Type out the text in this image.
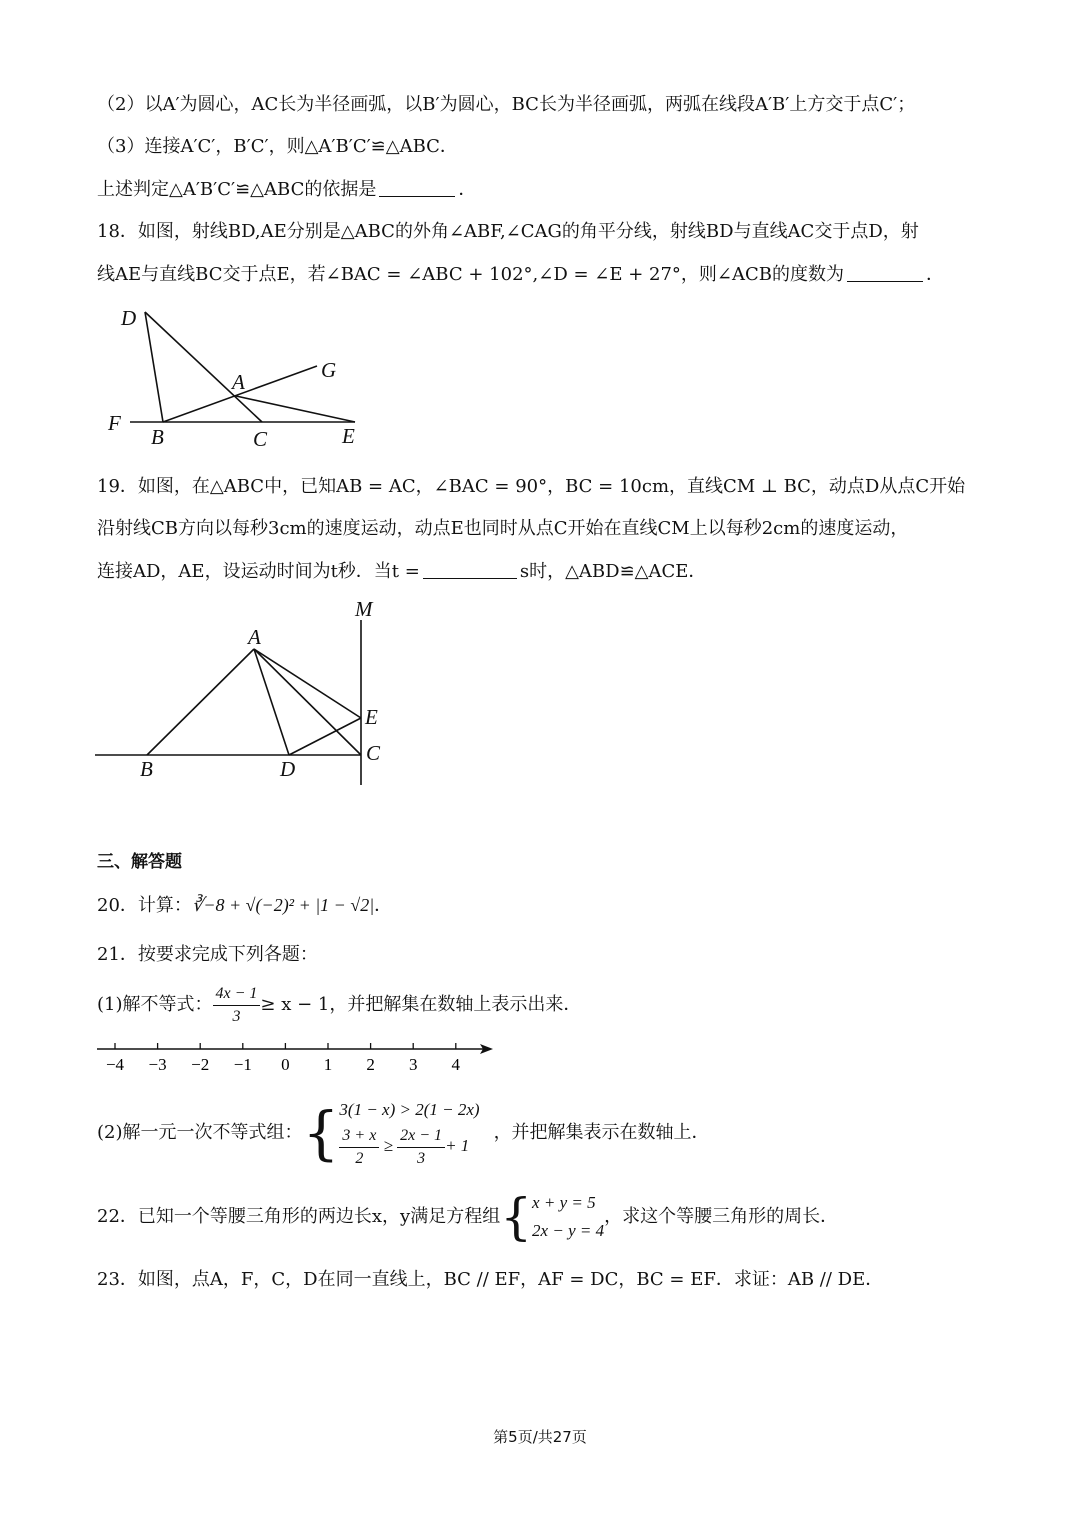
（2）以A′为圆心，AC长为半径画弧，以B′为圆心，BC长为半径画弧，两弧在线段A′B′上方交于点C′；
（3）连接A′C′，B′C′，则△A′B′C′≌△ABC．
上述判定△A′B′C′≌△ABC的依据是	．
18．如图，射线BD,AE分别是△ABC的外角∠ABF,∠CAG的角平分线，射线BD与直线AC交于点D，射
线AE与直线BC交于点E，若∠BAC = ∠ABC + 102°,∠D = ∠E + 27°，则∠ACB的度数为	．
D
A	G
F
B	C	E
19．如图，在△ABC中，已知AB = AC，∠BAC = 90°，BC = 10cm，直线CM ⊥ BC，动点D从点C开始
沿射线CB方向以每秒3cm的速度运动，动点E也同时从点C开始在直线CM上以每秒2cm的速度运动，
连接AD，AE，设运动时间为t秒．当t =	s时，△ABD≌△ACE．
M
A
E
C
B	D
三、解答题
20．计算：∛−8 + √(−2)² + |1 − √2|．
21．按要求完成下列各题：
(1)解不等式： $\frac{4x - 1}{3} \ge x - 1$，并把解集在数轴上表示出来．
−4 −3 −2 −1 0 1 2 3 4
(2)解一元一次不等式组：{ 3(1 − x) > 2(1 − 2x)
$\frac{3 + x}{2} \ge \frac{2x - 1}{3} + 1$
，并把解集表示在数轴上．
22．已知一个等腰三角形的两边长x，y满足方程组{ x + y = 5
2x − y = 4
，求这个等腰三角形的周长．
23．如图，点A，F，C，D在同一直线上，BC // EF，AF = DC，BC = EF．求证：AB // DE．
第5页/共27页
